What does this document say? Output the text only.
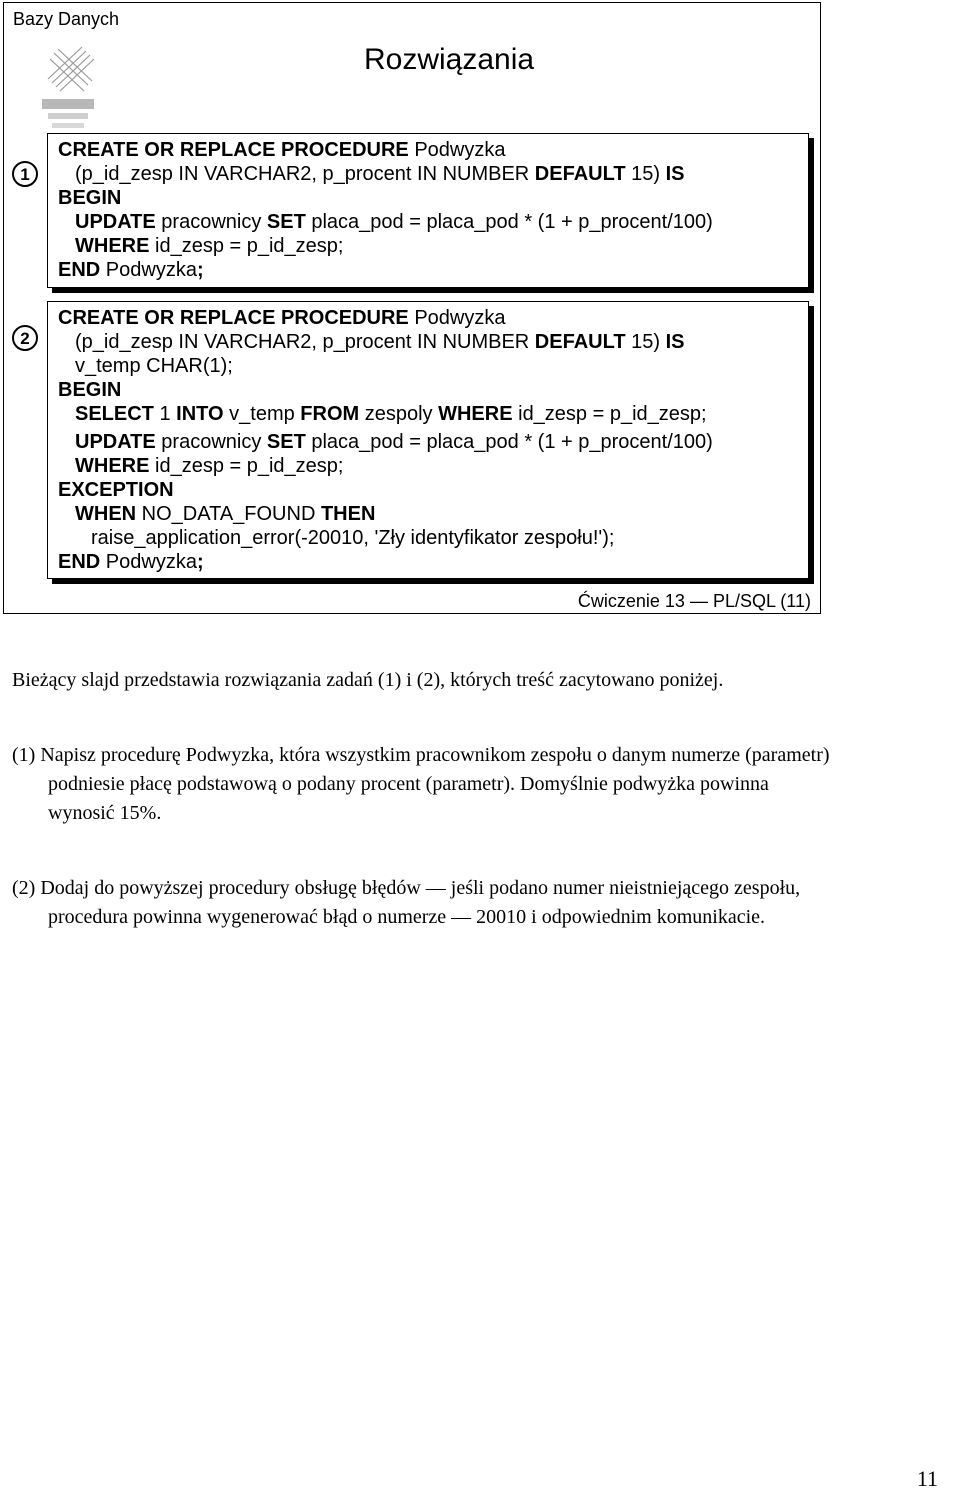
Bazy Danych
Rozwiązania
1
2
CREATE OR REPLACE PROCEDURE Podwyzka
(p_id_zesp IN VARCHAR2, p_procent IN NUMBER DEFAULT 15) IS
BEGIN
UPDATE pracownicy SET placa_pod = placa_pod * (1 + p_procent/100)
WHERE id_zesp = p_id_zesp;
END Podwyzka;
CREATE OR REPLACE PROCEDURE Podwyzka
(p_id_zesp IN VARCHAR2, p_procent IN NUMBER DEFAULT 15) IS
v_temp CHAR(1);
BEGIN
SELECT 1 INTO v_temp FROM zespoly WHERE id_zesp = p_id_zesp;
UPDATE pracownicy SET placa_pod = placa_pod * (1 + p_procent/100)
WHERE id_zesp = p_id_zesp;
EXCEPTION
WHEN NO_DATA_FOUND THEN
raise_application_error(-20010, 'Zły identyfikator zespołu!');
END Podwyzka;
Ćwiczenie 13 — PL/SQL (11)

Bieżący slajd przedstawia rozwiązania zadań (1) i (2), których treść zacytowano poniżej.

(1) Napisz procedurę Podwyzka, która wszystkim pracownikom zespołu o danym numerze (parametr) podniesie płacę podstawową o podany procent (parametr). Domyślnie podwyżka powinna wynosić 15%.

(2) Dodaj do powyższej procedury obsługę błędów — jeśli podano numer nieistniejącego zespołu, procedura powinna wygenerować błąd o numerze — 20010 i odpowiednim komunikacie.

11
